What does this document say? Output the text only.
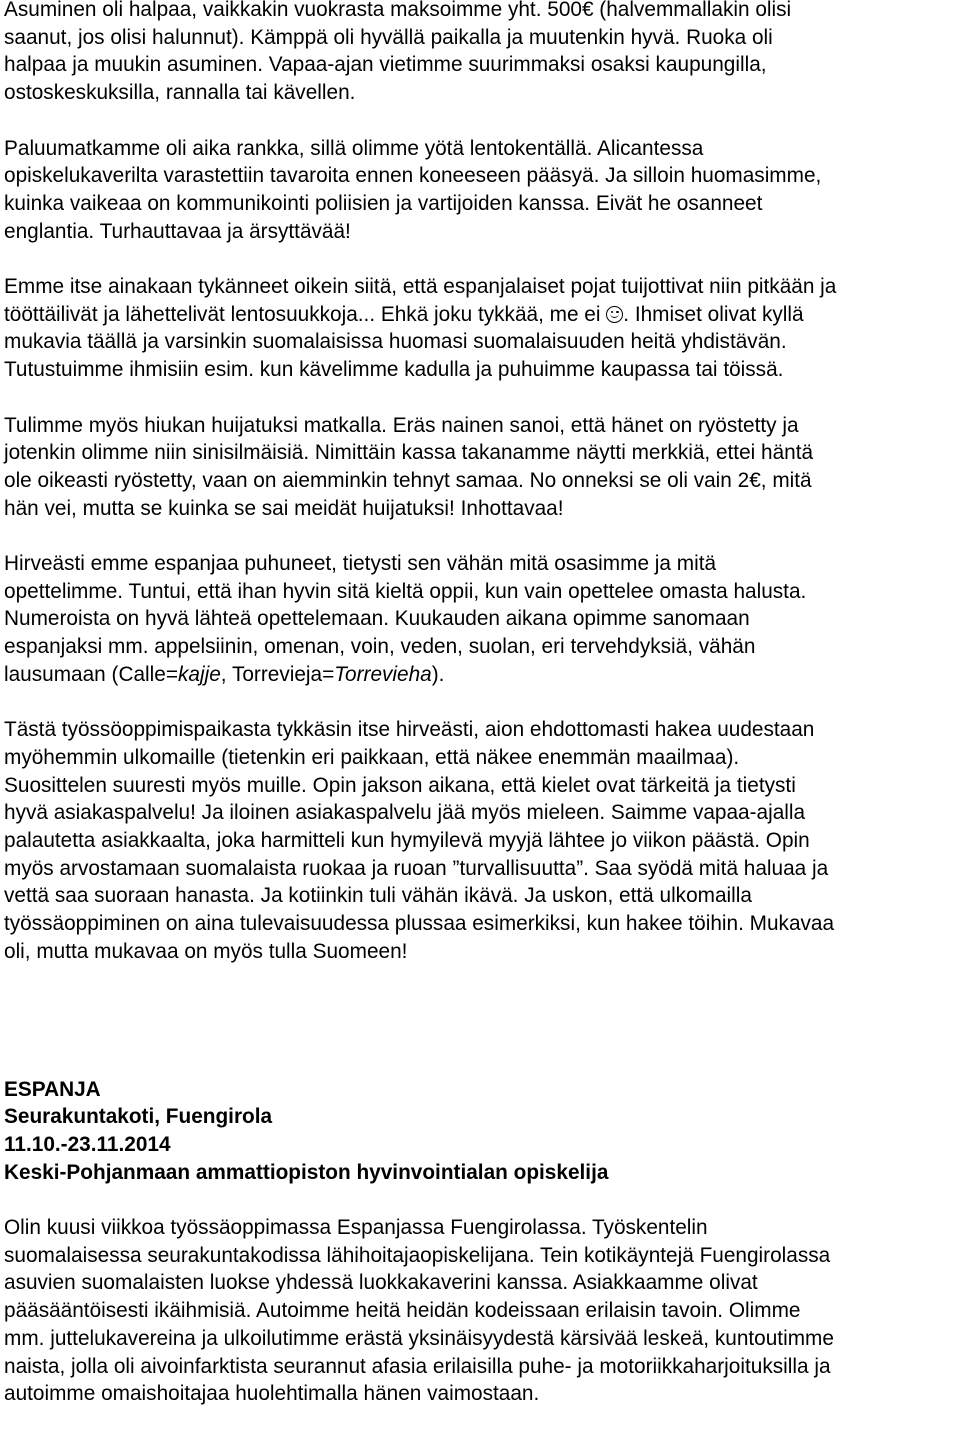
Asuminen oli halpaa, vaikkakin vuokrasta maksoimme yht. 500€ (halvemmallakin olisi
saanut, jos olisi halunnut). Kämppä oli hyvällä paikalla ja muutenkin hyvä. Ruoka oli
halpaa ja muukin asuminen. Vapaa-ajan vietimme suurimmaksi osaksi kaupungilla,
ostoskeskuksilla, rannalla tai kävellen.

Paluumatkamme oli aika rankka, sillä olimme yötä lentokentällä. Alicantessa
opiskelukaverilta varastettiin tavaroita ennen koneeseen pääsyä. Ja silloin huomasimme,
kuinka vaikeaa on kommunikointi poliisien ja vartijoiden kanssa. Eivät he osanneet
englantia. Turhauttavaa ja ärsyttävää!

Emme itse ainakaan tykänneet oikein siitä, että espanjalaiset pojat tuijottivat niin pitkään ja
tööttäilivät ja lähettelivät lentosuukkoja... Ehkä joku tykkää, me ei
. Ihmiset olivat kyllä
mukavia täällä ja varsinkin suomalaisissa huomasi suomalaisuuden heitä yhdistävän.
Tutustuimme ihmisiin esim. kun kävelimme kadulla ja puhuimme kaupassa tai töissä.

Tulimme myös hiukan huijatuksi matkalla. Eräs nainen sanoi, että hänet on ryöstetty ja
jotenkin olimme niin sinisilmäisiä. Nimittäin kassa takanamme näytti merkkiä, ettei häntä
ole oikeasti ryöstetty, vaan on aiemminkin tehnyt samaa. No onneksi se oli vain 2€, mitä
hän vei, mutta se kuinka se sai meidät huijatuksi! Inhottavaa!

Hirveästi emme espanjaa puhuneet, tietysti sen vähän mitä osasimme ja mitä
opettelimme. Tuntui, että ihan hyvin sitä kieltä oppii, kun vain opettelee omasta halusta.
Numeroista on hyvä lähteä opettelemaan. Kuukauden aikana opimme sanomaan
espanjaksi mm. appelsiinin, omenan, voin, veden, suolan, eri tervehdyksiä, vähän
lausumaan (Calle=kajje, Torrevieja=Torrevieha).

Tästä työssöoppimispaikasta tykkäsin itse hirveästi, aion ehdottomasti hakea uudestaan
myöhemmin ulkomaille (tietenkin eri paikkaan, että näkee enemmän maailmaa).
Suosittelen suuresti myös muille. Opin jakson aikana, että kielet ovat tärkeitä ja tietysti
hyvä asiakaspalvelu! Ja iloinen asiakaspalvelu jää myös mieleen. Saimme vapaa-ajalla
palautetta asiakkaalta, joka harmitteli kun hymyilevä myyjä lähtee jo viikon päästä. Opin
myös arvostamaan suomalaista ruokaa ja ruoan ”turvallisuutta”. Saa syödä mitä haluaa ja
vettä saa suoraan hanasta. Ja kotiinkin tuli vähän ikävä. Ja uskon, että ulkomailla
työssäoppiminen on aina tulevaisuudessa plussaa esimerkiksi, kun hakee töihin. Mukavaa
oli, mutta mukavaa on myös tulla Suomeen!

ESPANJA
Seurakuntakoti, Fuengirola
11.10.-23.11.2014
Keski-Pohjanmaan ammattiopiston hyvinvointialan opiskelija

Olin kuusi viikkoa työssäoppimassa Espanjassa Fuengirolassa. Työskentelin
suomalaisessa seurakuntakodissa lähihoitajaopiskelijana. Tein kotikäyntejä Fuengirolassa
asuvien suomalaisten luokse yhdessä luokkakaverini kanssa. Asiakkaamme olivat
pääsääntöisesti ikäihmisiä. Autoimme heitä heidän kodeissaan erilaisin tavoin. Olimme
mm. juttelukavereina ja ulkoilutimme erästä yksinäisyydestä kärsivää leskeä, kuntoutimme
naista, jolla oli aivoinfarktista seurannut afasia erilaisilla puhe- ja motoriikkaharjoituksilla ja
autoimme omaishoitajaa huolehtimalla hänen vaimostaan.
